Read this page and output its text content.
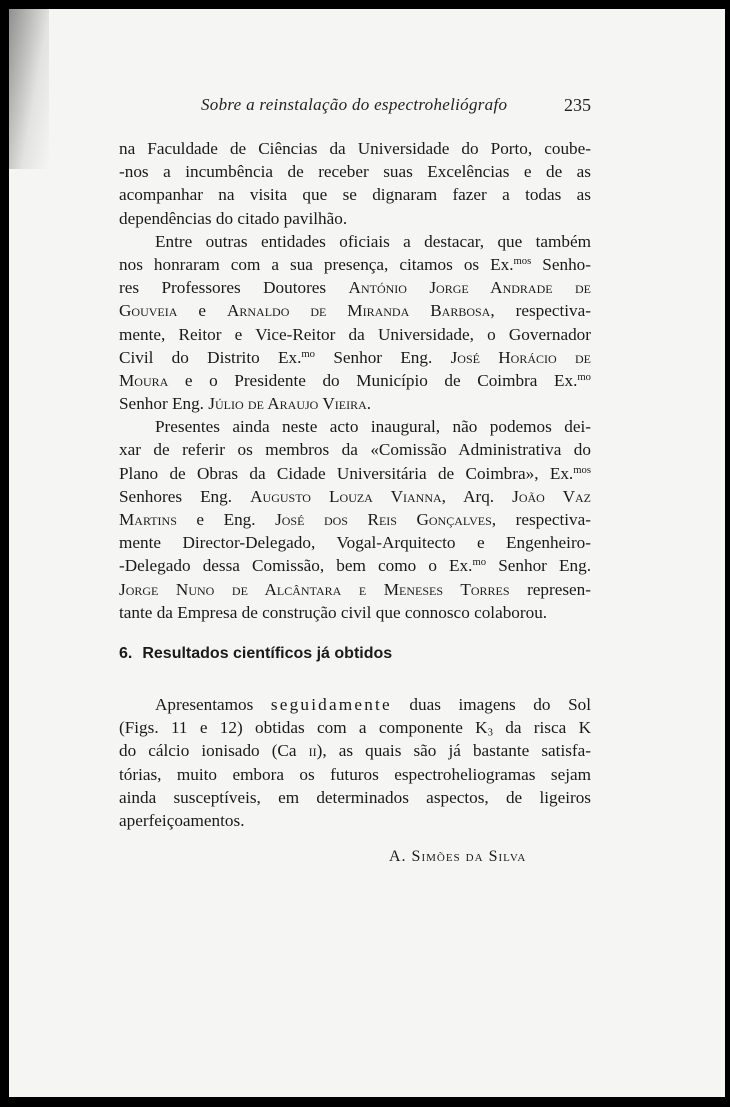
Sobre a reinstalação do espectroheliógrafo	235
na Faculdade de Ciências da Universidade do Porto, coube-
-nos a incumbência de receber suas Excelências e de as
acompanhar na visita que se dignaram fazer a todas as
dependências do citado pavilhão.
Entre outras entidades oficiais a destacar, que também
nos honraram com a sua presença, citamos os Ex.$^{mos}$ Senho-
res Professores Doutores António Jorge Andrade de
Gouveia e Arnaldo de Miranda Barbosa, respectiva-
mente, Reitor e Vice-Reitor da Universidade, o Governador
Civil do Distrito Ex.$^{mo}$ Senhor Eng. José Horácio de
Moura e o Presidente do Município de Coimbra Ex.$^{mo}$
Senhor Eng. Júlio de Araujo Vieira.
Presentes ainda neste acto inaugural, não podemos dei-
xar de referir os membros da «Comissão Administrativa do
Plano de Obras da Cidade Universitária de Coimbra», Ex.$^{mos}$
Senhores Eng. Augusto Louza Vianna, Arq. João Vaz
Martins e Eng. José dos Reis Gonçalves, respectiva-
mente Director-Delegado, Vogal-Arquitecto e Engenheiro-
-Delegado dessa Comissão, bem como o Ex.$^{mo}$ Senhor Eng.
Jorge Nuno de Alcântara e Meneses Torres represen-
tante da Empresa de construção civil que connosco colaborou.
6. Resultados científicos já obtidos
Apresentamos seguidamente duas imagens do Sol
(Figs. 11 e 12) obtidas com a componente $K_3$ da risca K
do cálcio ionisado (Ca ii), as quais são já bastante satisfa-
tórias, muito embora os futuros espectroheliogramas sejam
ainda susceptíveis, em determinados aspectos, de ligeiros
aperfeiçoamentos.
A. Simões da Silva
